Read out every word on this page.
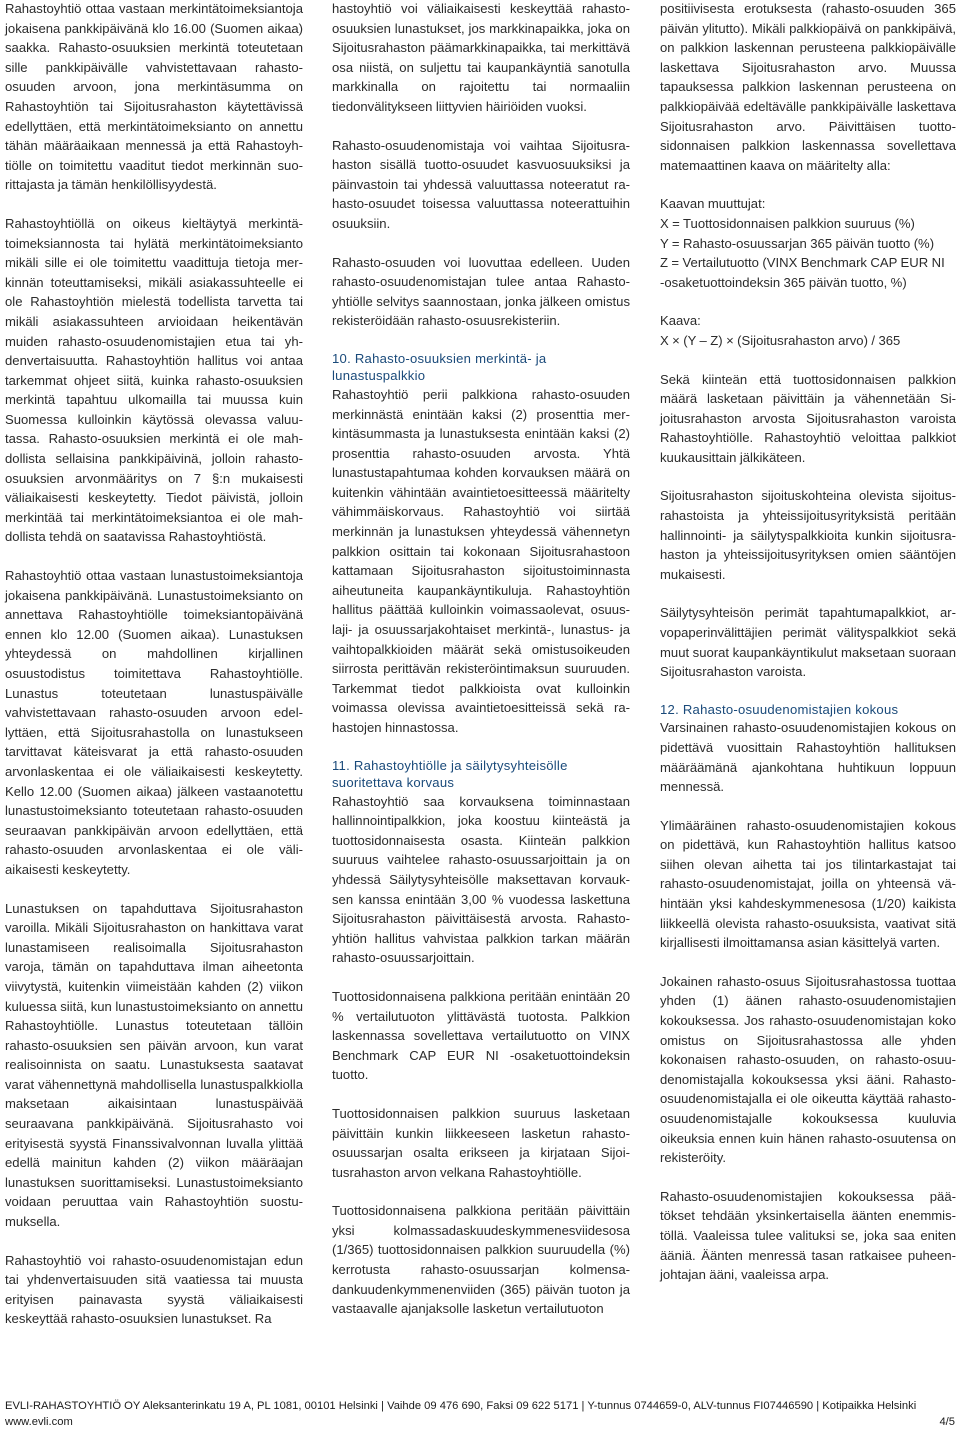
Rahastoyhtiö ottaa vastaan merkintätoimeksiantoja jokaisena pankkipäivänä klo 16.00 (Suomen aikaa) saakka. Rahasto-osuuksien merkintä toteutetaan sille pankkipäivälle vahvistettavaan rahasto-osuuden arvoon, jona merkintäsumma on Rahastoyhtiön tai Sijoitusrahaston käytettävissä edellyttäen, että merkintätoimeksianto on annettu tähän määräaikaan mennessä ja että Rahastoyhtiölle on toimitettu vaaditut tiedot merkinnän suorittajasta ja tämän henkilöllisyydestä.

Rahastoyhtiöllä on oikeus kieltäytyä merkintätoimeksiannosta tai hylätä merkintätoimeksianto mikäli sille ei ole toimitettu vaadittuja tietoja merkinnän toteuttamiseksi, mikäli asiakassuhteelle ei ole Rahastoyhtiön mielestä todellista tarvetta tai mikäli asiakassuhteen arvioidaan heikentävän muiden rahasto-osuudenomistajien etua tai yhdenvertaisuutta. Rahastoyhtiön hallitus voi antaa tarkemmat ohjeet siitä, kuinka rahasto-osuuksien merkintä tapahtuu ulkomailla tai muussa kuin Suomessa kulloinkin käytössä olevassa valuutassa. Rahasto-osuuksien merkintä ei ole mahdollista sellaisina pankkipäivinä, jolloin rahasto-osuuksien arvonmääritys on 7 §:n mukaisesti väliaikaisesti keskeytetty. Tiedot päivistä, jolloin merkintää tai merkintätoimeksiantoa ei ole mahdollista tehdä on saatavissa Rahastoyhtiöstä.

Rahastoyhtiö ottaa vastaan lunastustoimeksiantoja jokaisena pankkipäivänä. Lunastustoimeksianto on annettava Rahastoyhtiölle toimeksiantopäivänä ennen klo 12.00 (Suomen aikaa). Lunastuksen yhteydessä on mahdollinen kirjallinen osuustodistus toimitettava Rahastoyhtiölle. Lunastus toteutetaan lunastuspäivälle vahvistettavaan rahasto-osuuden arvoon edellyttäen, että Sijoitusrahastolla on lunastukseen tarvittavat käteisvarat ja että rahasto-osuuden arvonlaskentaa ei ole väliaikaisesti keskeytetty. Kello 12.00 (Suomen aikaa) jälkeen vastaanotettu lunastustoimeksianto toteutetaan rahasto-osuuden seuraavan pankkipäivän arvoon edellyttäen, että rahasto-osuuden arvonlaskentaa ei ole väliaikaisesti keskeytetty.

Lunastuksen on tapahduttava Sijoitusrahaston varoilla. Mikäli Sijoitusrahaston on hankittava varat lunastamiseen realisoimalla Sijoitusrahaston varoja, tämän on tapahduttava ilman aiheetonta viivytystä, kuitenkin viimeistään kahden (2) viikon kuluessa siitä, kun lunastustoimeksianto on annettu Rahastoyhtiölle. Lunastus toteutetaan tällöin rahasto-osuuksien sen päivän arvoon, kun varat realisoinnista on saatu. Lunastuksesta saatavat varat vähennettynä mahdollisella lunastuspalkkiolla maksetaan aikaisintaan lunastuspäivää seuraavana pankkipäivänä. Sijoitusrahasto voi erityisestä syystä Finanssivalvonnan luvalla ylittää edellä mainitun kahden (2) viikon määräajan lunastuksen suorittamiseksi. Lunastustoimeksianto voidaan peruuttaa vain Rahastoyhtiön suostumuksella.

Rahastoyhtiö voi rahasto-osuudenomistajan edun tai yhdenvertaisuuden sitä vaatiessa tai muusta erityisen painavasta syystä väliaikaisesti keskeyttää rahasto-osuuksien lunastukset. Ra

hastoyhtiö voi väliaikaisesti keskeyttää rahasto-osuuksien lunastukset, jos markkinapaikka, joka on Sijoitusrahaston päämarkkinapaikka, tai merkittävä osa niistä, on suljettu tai kaupankäyntiä sanotulla markkinalla on rajoitettu tai normaaliin tiedonvälitykseen liittyvien häiriöiden vuoksi.

Rahasto-osuudenomistaja voi vaihtaa Sijoitusrahaston sisällä tuotto-osuudet kasvuosuuksiksi ja päinvastoin tai yhdessä valuuttassa noteeratut rahasto-osuudet toisessa valuuttassa noteerattuihin osuuksiin.

Rahasto-osuuden voi luovuttaa edelleen. Uuden rahasto-osuudenomistajan tulee antaa Rahastoyhtiölle selvitys saannostaan, jonka jälkeen omistus rekisteröidään rahasto-osuusrekisteriin.

10. Rahasto-osuuksien merkintä- ja lunastuspalkkio

Rahastoyhtiö perii palkkiona rahasto-osuuden merkinnästä enintään kaksi (2) prosenttia merkintäsummasta ja lunastuksesta enintään kaksi (2) prosenttia rahasto-osuuden arvosta. Yhtä lunastustapahtumaa kohden korvauksen määrä on kuitenkin vähintään avaintietoesitteessä määritelty vähimmäiskorvaus. Rahastoyhtiö voi siirtää merkinnän ja lunastuksen yhteydessä vähennetyn palkkion osittain tai kokonaan Sijoitusrahastoon kattamaan Sijoitusrahaston sijoitustoiminnasta aiheutuneita kaupankäyntikuluja. Rahastoyhtiön hallitus päättää kulloinkin voimassaolevat, osuuslaji- ja osuussarjakohtaiset merkintä-, lunastus- ja vaihtopalkkioiden määrät sekä omistusoikeuden siirrosta perittävän rekisteröintimaksun suuruuden. Tarkemmat tiedot palkkioista ovat kulloinkin voimassa olevissa avaintietoesitteissä sekä rahastojen hinnastossa.

11. Rahastoyhtiölle ja säilytysyhteisölle suoritettava korvaus

Rahastoyhtiö saa korvauksena toiminnastaan hallinnointipalkkion, joka koostuu kiinteästä ja tuottosidonnaisesta osasta. Kiinteän palkkion suuruus vaihtelee rahasto-osuussarjoittain ja on yhdessä Säilytysyhteisölle maksettavan korvauksen kanssa enintään 3,00 % vuodessa laskettuna Sijoitusrahaston päivittäisestä arvosta. Rahastoyhtiön hallitus vahvistaa palkkion tarkan määrän rahasto-osuussarjoittain.

Tuottosidonnaisena palkkiona peritään enintään 20 % vertailutuoton ylittävästä tuotosta. Palkkion laskennassa sovellettava vertailutuotto on VINX Benchmark CAP EUR NI -osaketuottoindeksin tuotto.

Tuottosidonnaisen palkkion suuruus lasketaan päivittäin kunkin liikkeeseen lasketun rahasto-osuussarjan osalta erikseen ja kirjataan Sijoitusrahaston arvon velkana Rahastoyhtiölle.

Tuottosidonnaisena palkkiona peritään päivittäin yksi kolmassadaskuudeskymmenesviidesosa (1/365) tuottosidonnaisen palkkion suuruudella (%) kerrotusta rahasto-osuussarjan kolmensadankuudenkymmenenviiden (365) päivän tuoton ja vastaavalle ajanjaksolle lasketun vertailutuoton

positiivisesta erotuksesta (rahasto-osuuden 365 päivän ylitutto). Mikäli palkkiopäivä on pankkipäivä, on palkkion laskennan perusteena palkkiopäivälle laskettava Sijoitusrahaston arvo. Muussa tapauksessa palkkion laskennan perusteena on palkkiopäivää edeltävälle pankkipäivälle laskettava Sijoitusrahaston arvo. Päivittäisen tuottosidonnaisen palkkion laskennassa sovellettava matemaattinen kaava on määritelty alla:

Kaavan muuttujat:
X = Tuottosidonnaisen palkkion suuruus (%)
Y = Rahasto-osuussarjan 365 päivän tuotto (%)
Z = Vertailutuotto (VINX Benchmark CAP EUR NI
-osaketuottoindeksin 365 päivän tuotto, %)

Kaava:
X × (Y – Z) × (Sijoitusrahaston arvo) / 365

Sekä kiinteän että tuottosidonnaisen palkkion määrä lasketaan päivittäin ja vähennetään Sijoitusrahaston arvosta Sijoitusrahaston varoista Rahastoyhtiölle. Rahastoyhtiö veloittaa palkkiot kuukausittain jälkikäteen.

Sijoitusrahaston sijoituskohteina olevista sijoitusrahastoista ja yhteissijoitusyrityksistä peritään hallinnointi- ja säilytyspalkkioita kunkin sijoitusrahaston ja yhteissijoitusyrityksen omien sääntöjen mukaisesti.

Säilytysyhteisön perimät tapahtumapalkkiot, arvopaperinvälittäjien perimät välityspalkkiot sekä muut suorat kaupankäyntikulut maksetaan suoraan Sijoitusrahaston varoista.

12. Rahasto-osuudenomistajien kokous

Varsinainen rahasto-osuudenomistajien kokous on pidettävä vuosittain Rahastoyhtiön hallituksen määräämänä ajankohtana huhtikuun loppuun mennessä.

Ylimääräinen rahasto-osuudenomistajien kokous on pidettävä, kun Rahastoyhtiön hallitus katsoo siihen olevan aihetta tai jos tilintarkastajat tai rahasto-osuudenomistajat, joilla on yhteensä vähintään yksi kahdeskymmenesosa (1/20) kaikista liikkeellä olevista rahasto-osuuksista, vaativat sitä kirjallisesti ilmoittamansa asian käsittelyä varten.

Jokainen rahasto-osuus Sijoitusrahastossa tuottaa yhden (1) äänen rahasto-osuudenomistajien kokouksessa. Jos rahasto-osuudenomistajan koko omistus on Sijoitusrahastossa alle yhden kokonaisen rahasto-osuuden, on rahasto-osuudenomistajalla kokouksessa yksi ääni. Rahasto-osuudenomistajalla ei ole oikeutta käyttää rahasto-osuudenomistajalle kokouksessa kuuluvia oikeuksia ennen kuin hänen rahasto-osuutensa on rekisteröity.

Rahasto-osuudenomistajien kokouksessa päätökset tehdään yksinkertaisella äänten enemmistöllä. Vaaleissa tulee valituksi se, joka saa eniten ääniä. Äänten menressä tasan ratkaisee puheenjohtajan ääni, vaaleissa arpa.

EVLI-RAHASTOYHTIÖ OY Aleksanterinkatu 19 A, PL 1081, 00101 Helsinki | Vaihde 09 476 690, Faksi 09 622 5171 | Y-tunnus 0744659-0, ALV-tunnus FI07446590 | Kotipaikka Helsinki
www.evli.com	4/5
